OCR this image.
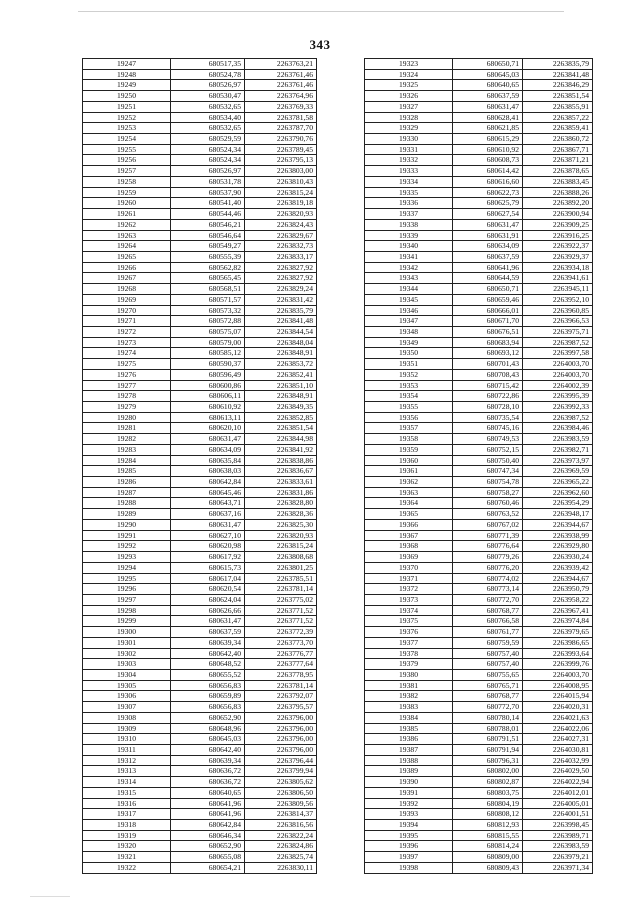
343
19247	680517,35	2263763,21
19248	680524,78	2263761,46
19249	680526,97	2263761,46
19250	680530,47	2263764,96
19251	680532,65	2263769,33
19252	680534,40	2263781,58
19253	680532,65	2263787,70
19254	680529,59	2263790,76
19255	680524,34	2263789,45
19256	680524,34	2263795,13
19257	680526,97	2263803,00
19258	680531,78	2263810,43
19259	680537,90	2263815,24
19260	680541,40	2263819,18
19261	680544,46	2263820,93
19262	680546,21	2263824,43
19263	680546,64	2263829,67
19264	680549,27	2263832,73
19265	680555,39	2263833,17
19266	680562,82	2263827,92
19267	680565,45	2263827,92
19268	680568,51	2263829,24
19269	680571,57	2263831,42
19270	680573,32	2263835,79
19271	680572,88	2263841,48
19272	680575,07	2263844,54
19273	680579,00	2263848,04
19274	680585,12	2263848,91
19275	680590,37	2263853,72
19276	680596,49	2263852,41
19277	680600,86	2263851,10
19278	680606,11	2263848,91
19279	680610,92	2263849,35
19280	680613,11	2263852,85
19281	680620,10	2263851,54
19282	680631,47	2263844,98
19283	680634,09	2263841,92
19284	680635,84	2263838,86
19285	680638,03	2263836,67
19286	680642,84	2263833,61
19287	680645,46	2263831,86
19288	680643,71	2263828,80
19289	680637,16	2263828,36
19290	680631,47	2263825,30
19291	680627,10	2263820,93
19292	680620,98	2263815,24
19293	680617,92	2263808,68
19294	680615,73	2263801,25
19295	680617,04	2263785,51
19296	680620,54	2263781,14
19297	680624,04	2263775,02
19298	680626,66	2263771,52
19299	680631,47	2263771,52
19300	680637,59	2263772,39
19301	680639,34	2263773,70
19302	680642,40	2263776,77
19303	680648,52	2263777,64
19304	680655,52	2263778,95
19305	680656,83	2263781,14
19306	680659,89	2263792,07
19307	680656,83	2263795,57
19308	680652,90	2263796,00
19309	680648,96	2263796,00
19310	680645,03	2263796,00
19311	680642,40	2263796,00
19312	680639,34	2263796,44
19313	680636,72	2263799,94
19314	680636,72	2263805,62
19315	680640,65	2263806,50
19316	680641,96	2263809,56
19317	680641,96	2263814,37
19318	680642,84	2263816,56
19319	680646,34	2263822,24
19320	680652,90	2263824,86
19321	680655,08	2263825,74
19322	680654,21	2263830,11
19323	680650,71	2263835,79
19324	680645,03	2263841,48
19325	680640,65	2263846,29
19326	680637,59	2263851,54
19327	680631,47	2263855,91
19328	680628,41	2263857,22
19329	680621,85	2263859,41
19330	680615,29	2263860,72
19331	680610,92	2263867,71
19332	680608,73	2263871,21
19333	680614,42	2263878,65
19334	680616,60	2263883,45
19335	680622,73	2263888,26
19336	680625,79	2263892,20
19337	680627,54	2263900,94
19338	680631,47	2263909,25
19339	680631,91	2263916,25
19340	680634,09	2263922,37
19341	680637,59	2263929,37
19342	680641,96	2263934,18
19343	680644,59	2263941,61
19344	680650,71	2263945,11
19345	680659,46	2263952,10
19346	680666,01	2263960,85
19347	680671,70	2263966,53
19348	680676,51	2263975,71
19349	680683,94	2263987,52
19350	680693,12	2263997,58
19351	680701,43	2264003,70
19352	680708,43	2264003,70
19353	680715,42	2264002,39
19354	680722,86	2263995,39
19355	680728,10	2263992,33
19356	680735,54	2263987,52
19357	680745,16	2263984,46
19358	680749,53	2263983,59
19359	680752,15	2263982,71
19360	680750,40	2263973,97
19361	680747,34	2263969,59
19362	680754,78	2263965,22
19363	680758,27	2263962,60
19364	680760,46	2263954,29
19365	680763,52	2263948,17
19366	680767,02	2263944,67
19367	680771,39	2263938,99
19368	680776,64	2263929,80
19369	680779,26	2263930,24
19370	680776,20	2263939,42
19371	680774,02	2263944,67
19372	680773,14	2263950,79
19373	680772,70	2263958,22
19374	680768,77	2263967,41
19375	680766,58	2263974,84
19376	680761,77	2263979,65
19377	680759,59	2263986,65
19378	680757,40	2263993,64
19379	680757,40	2263999,76
19380	680755,65	2264003,70
19381	680765,71	2264008,95
19382	680768,77	2264015,94
19383	680772,70	2264020,31
19384	680780,14	2264021,63
19385	680788,01	2264022,06
19386	680791,51	2264027,31
19387	680791,94	2264030,81
19388	680796,31	2264032,99
19389	680802,00	2264029,50
19390	680802,87	2264022,94
19391	680803,75	2264012,01
19392	680804,19	2264005,01
19393	680808,12	2264001,51
19394	680812,93	2263998,45
19395	680815,55	2263989,71
19396	680814,24	2263983,59
19397	680809,00	2263979,21
19398	680809,43	2263971,34
